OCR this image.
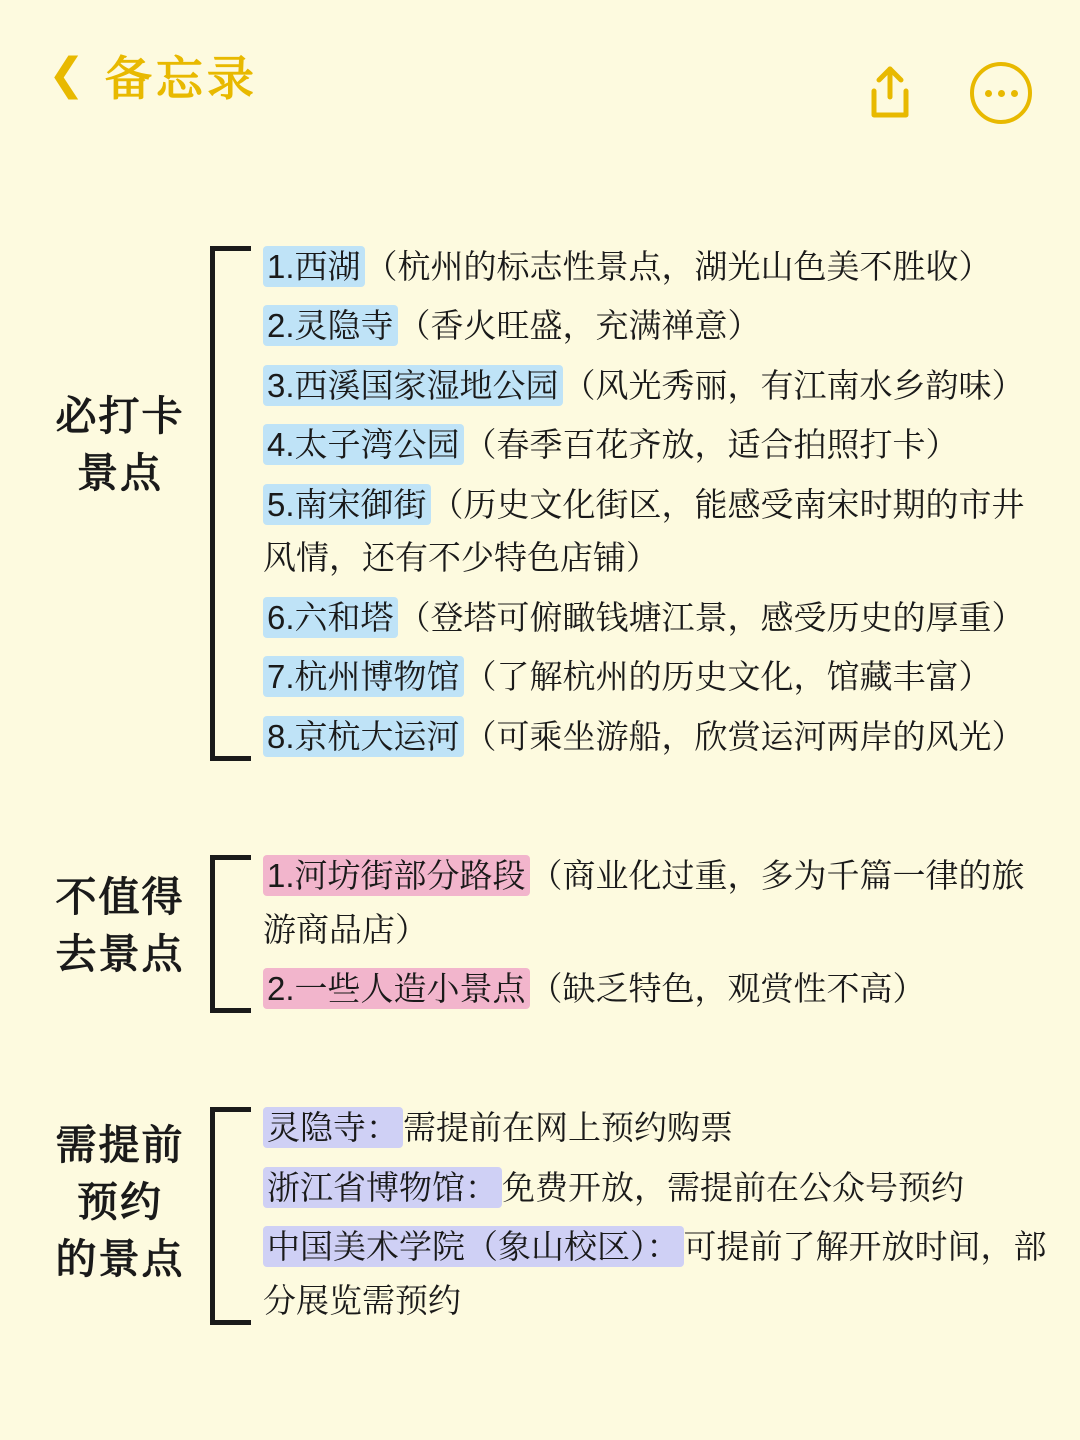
❮ 备忘录
必打卡
景点
1.西湖 （杭州的标志性景点，湖光山色美不胜收）
2.灵隐寺 （香火旺盛，充满禅意）
3.西溪国家湿地公园 （风光秀丽，有江南水乡韵味）
4.太子湾公园 （春季百花齐放，适合拍照打卡）
5.南宋御街 （历史文化街区，能感受南宋时期的市井风情，还有不少特色店铺）
6.六和塔 （登塔可俯瞰钱塘江景，感受历史的厚重）
7.杭州博物馆 （了解杭州的历史文化，馆藏丰富）
8.京杭大运河 （可乘坐游船，欣赏运河两岸的风光）
不值得
去景点
1.河坊街部分路段 （商业化过重，多为千篇一律的旅游商品店）
2.一些人造小景点 （缺乏特色，观赏性不高）
需提前
预约
的景点
灵隐寺： 需提前在网上预约购票
浙江省博物馆： 免费开放，需提前在公众号预约
中国美术学院（象山校区）： 可提前了解开放时间，部分展览需预约
